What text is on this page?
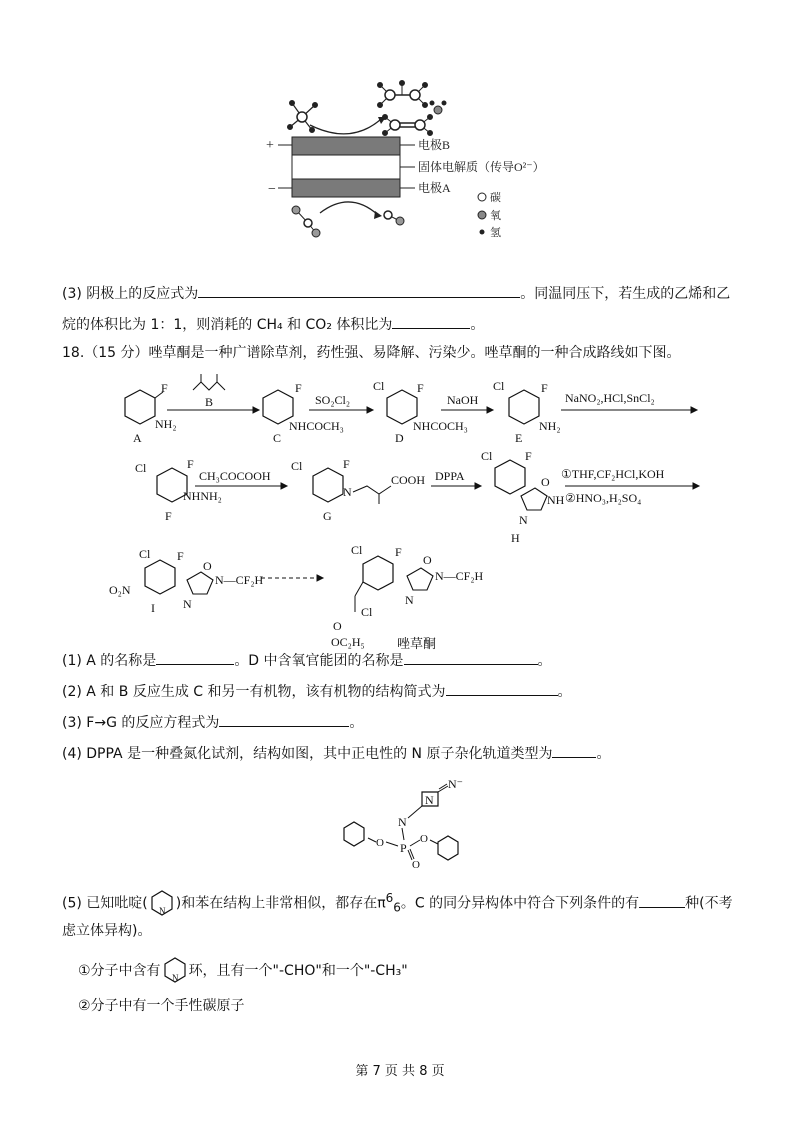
+
−
电极B
固体电解质（传导O²⁻）
电极A
碳
氧
氢
(3) 阴极上的反应式为	。同温同压下，若生成的乙烯和乙
烷的体积比为 1：1，则消耗的 CH₄ 和 CO₂ 体积比为	。
18.（15 分）唑草酮是一种广谱除草剂，药性强、易降解、污染少。唑草酮的一种合成路线如下图。
F
NH₂
A
B
F
NHCOCH₃
C
SO₂Cl₂
Cl	F
NHCOCH₃
D
NaOH
Cl	F
NH₂
E
NaNO₂,HCl,SnCl₂
Cl	F
NHNH₂
F
CH₃COCOOH
Cl	F
N
COOH
G
DPPA
Cl	F
O
NH
N
H
①THF,CF₂HCl,KOH
②HNO₃,H₂SO₄
Cl F
O₂N
O
N—CF₂H
N
I
Cl	F
O
N—CF₂H
N
Cl
O
OC₂H₅ 唑草酮
(1) A 的名称是	。D 中含氧官能团的名称是	。
(2) A 和 B 反应生成 C 和另一有机物，该有机物的结构简式为	。
(3) F→G 的反应方程式为	。
(4) DPPA 是一种叠氮化试剂，结构如图，其中正电性的 N 原子杂化轨道类型为	。
N
N⁻
N
P
O
O	O
(5) 已知吡啶( N )和苯在结构上非常相似，都存在$\pi^6_6$。C 的同分异构体中符合下列条件的有	种(不考
虑立体异构)。
①分子中含有 N 环，且有一个"-CHO"和一个"-CH₃"
②分子中有一个手性碳原子
第 7 页 共 8 页
